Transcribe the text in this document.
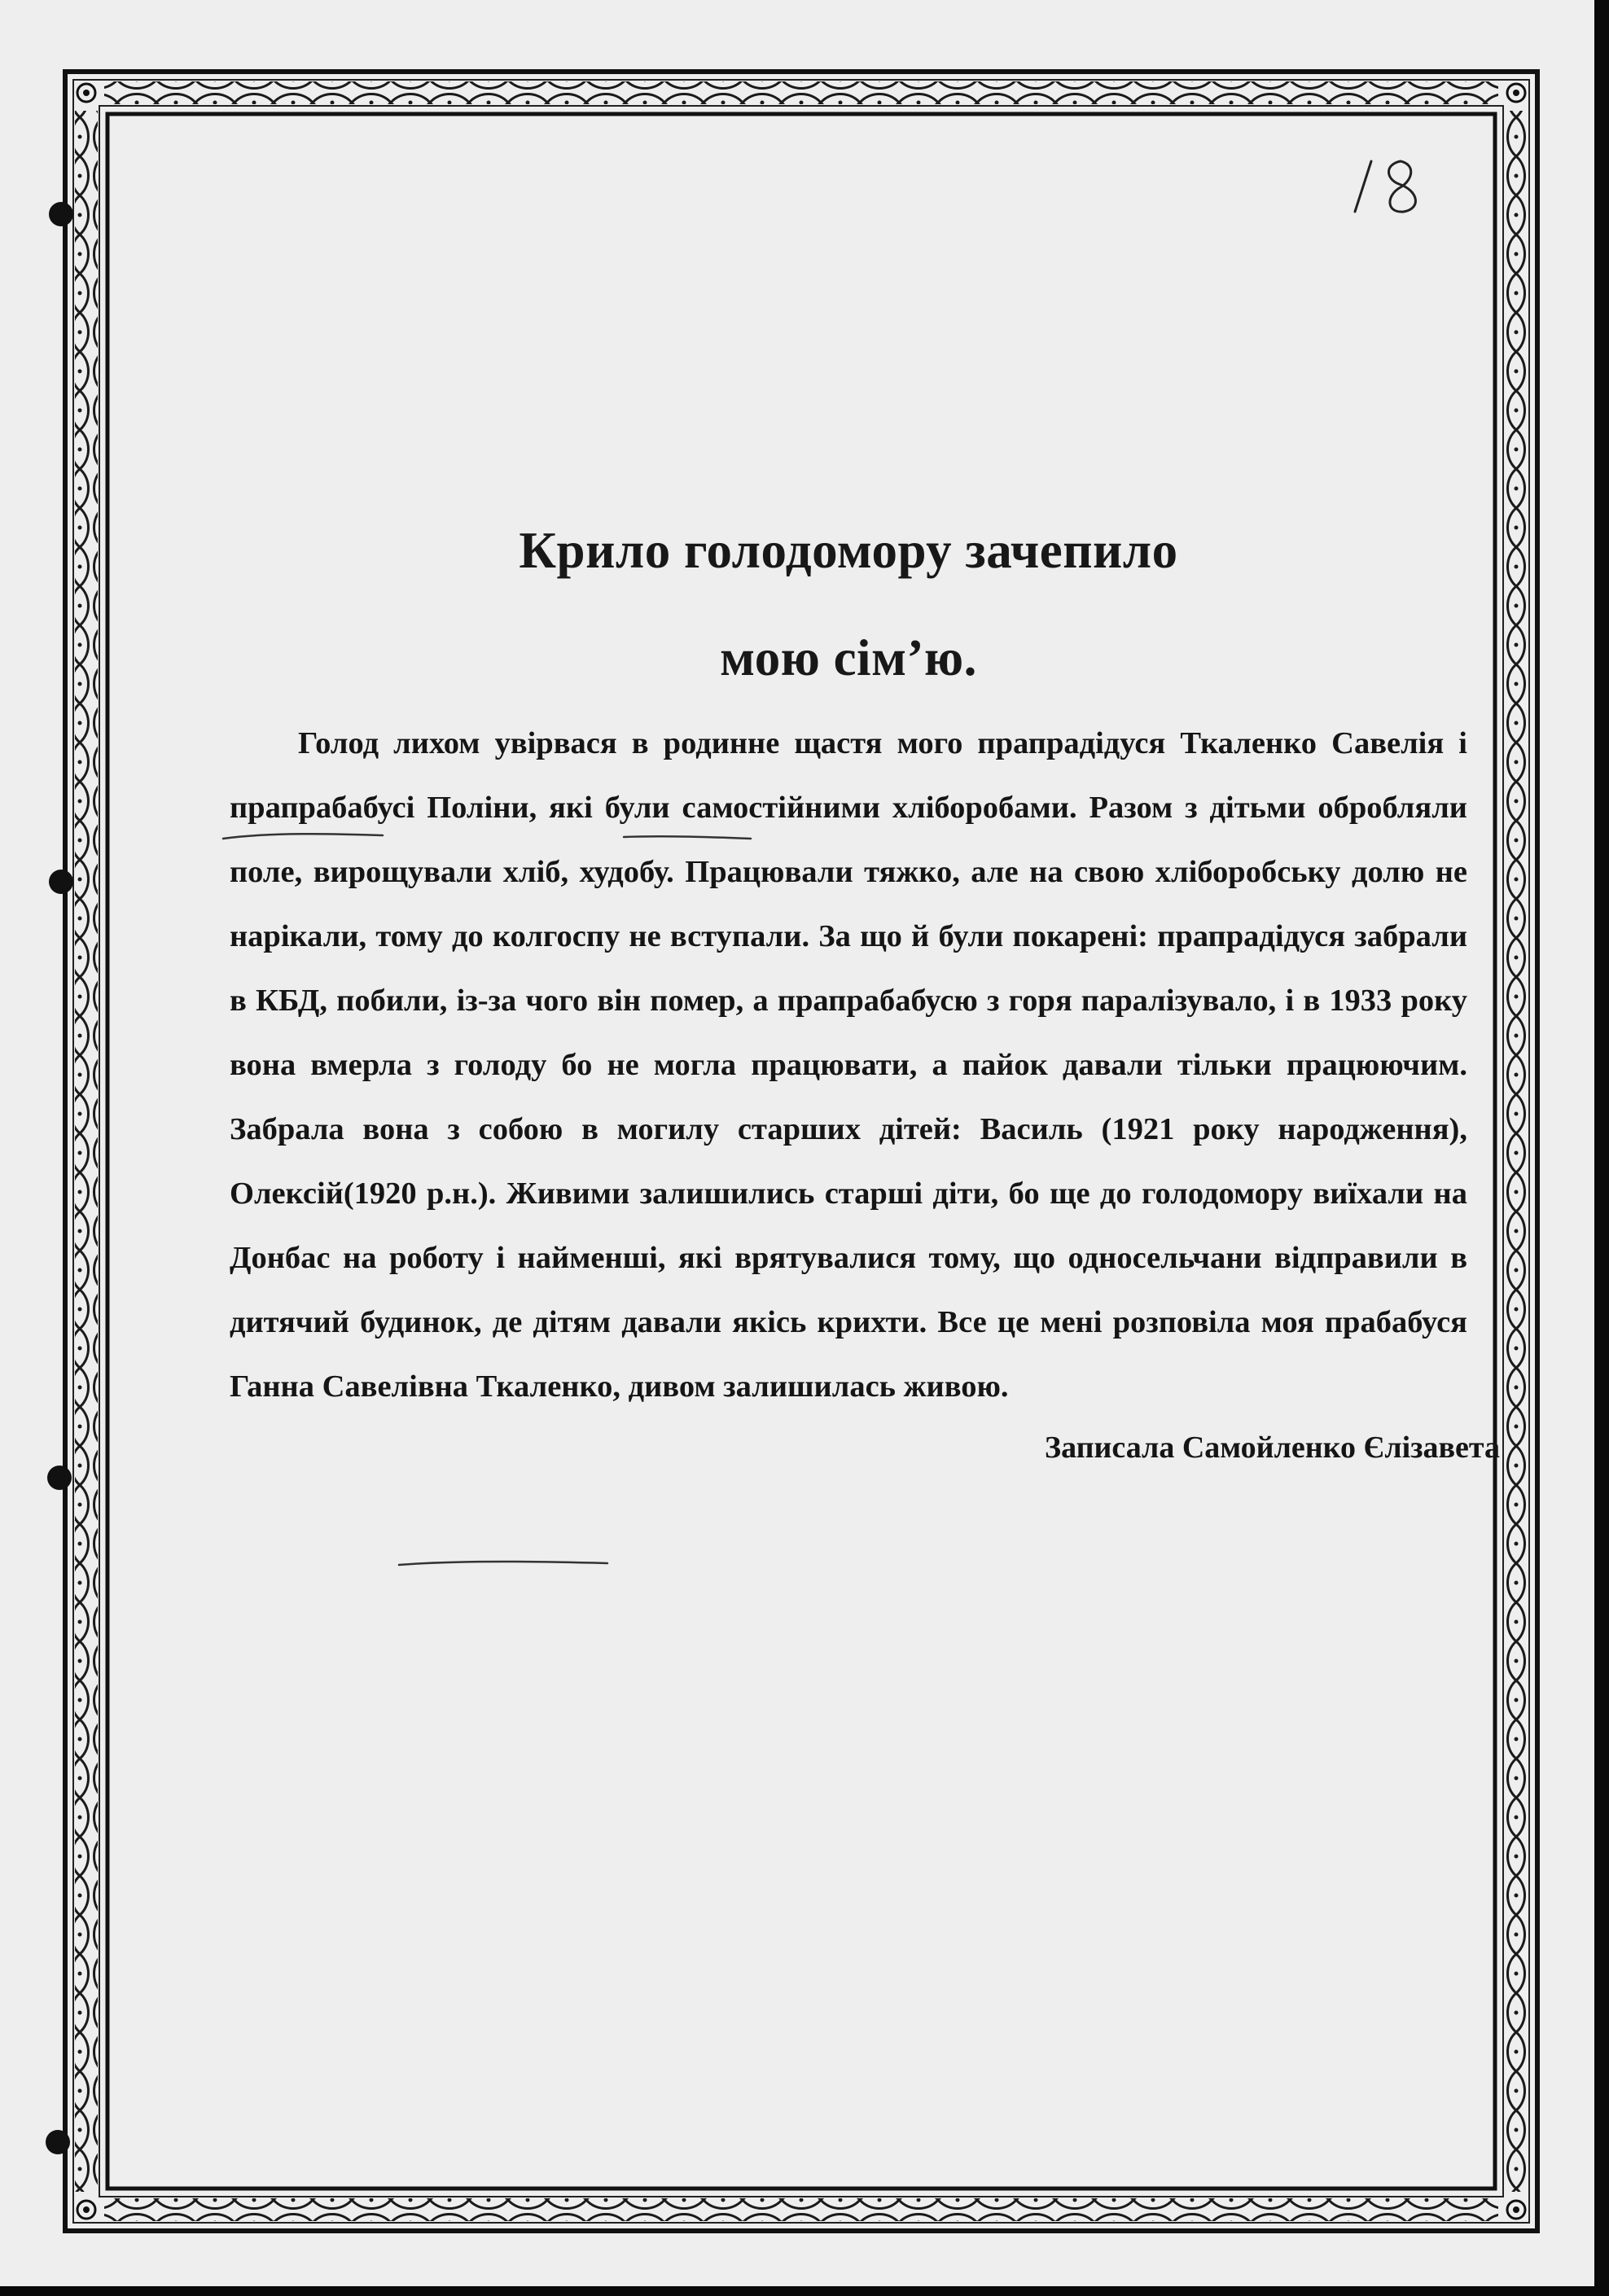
18
Крило голодомору зачепило
мою сім’ю.

Голод лихом увірвася в родинне щастя мого прапрадідуся Ткаленко Савелія і прапрабабусі Поліни, які були самостійними хліборобами. Разом з дітьми обробляли поле, вирощували хліб, худобу. Працювали тяжко, але на свою хліборобську долю не нарікали, тому до колгоспу не вступали. За що й були покарені: прапрадідуся забрали в КБД, побили, із-за чого він помер, а прапрабабусю з горя паралізувало, і в 1933 року вона вмерла з голоду бо не могла працювати, а пайок давали тільки працюючим. Забрала вона з собою в могилу старших дітей: Василь (1921 року народження), Олексій(1920 р.н.). Живими залишились старші діти, бо ще до голодомору виїхали на Донбас на роботу і найменші, які врятувалися тому, що односельчани відправили в дитячий будинок, де дітям давали якісь крихти. Все це мені розповіла моя прабабуся Ганна Савелівна Ткаленко, дивом залишилась живою.

Записала Самойленко Єлізавета
